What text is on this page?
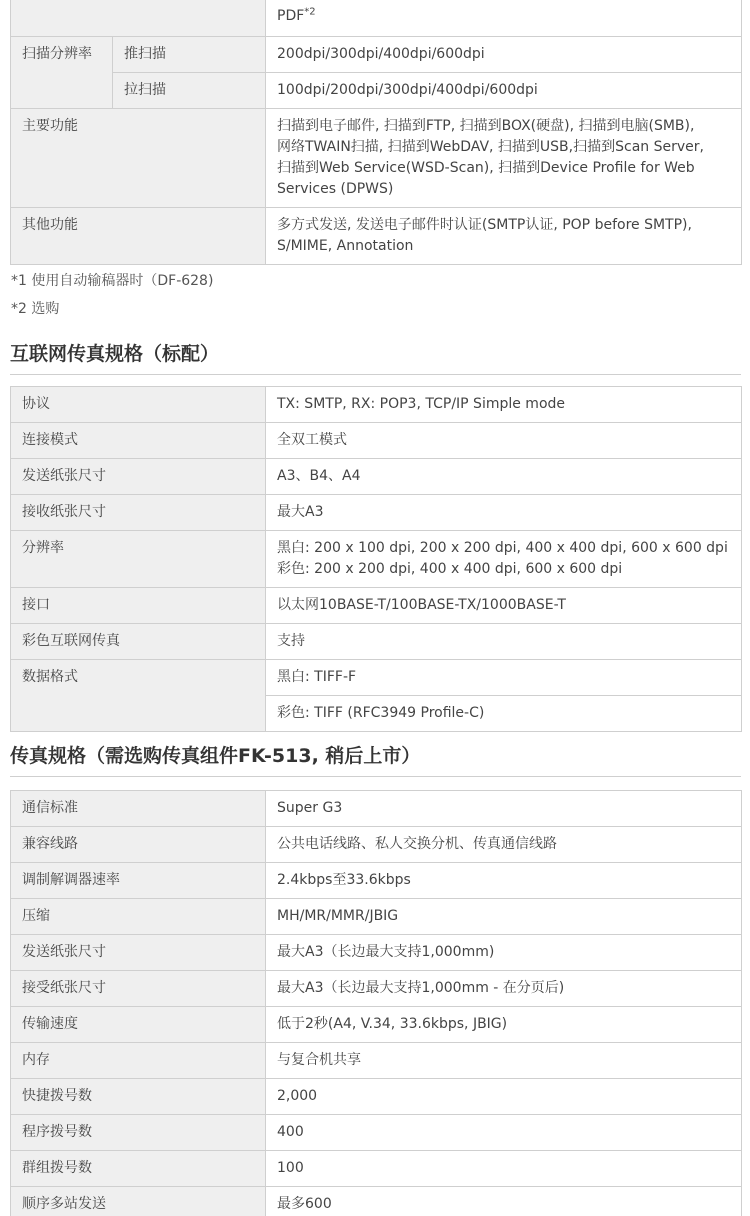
		PDF$^{*2}$
扫描分辨率	推扫描	200dpi/300dpi/400dpi/600dpi
	拉扫描	100dpi/200dpi/300dpi/400dpi/600dpi
主要功能		扫描到电子邮件, 扫描到FTP, 扫描到BOX(硬盘), 扫描到电脑(SMB),
网络TWAIN扫描, 扫描到WebDAV, 扫描到USB,扫描到Scan Server,
扫描到Web Service(WSD-Scan), 扫描到Device Profile for Web
Services (DPWS)
其他功能		多方式发送, 发送电子邮件时认证(SMTP认证, POP before SMTP),
S/MIME, Annotation
*1 使用自动输稿器时（DF-628)
*2 选购
互联网传真规格（标配）
协议	TX: SMTP, RX: POP3, TCP/IP Simple mode
连接模式	全双工模式
发送纸张尺寸	A3、B4、A4
接收纸张尺寸	最大A3
分辨率	黑白: 200 x 100 dpi, 200 x 200 dpi, 400 x 400 dpi, 600 x 600 dpi
彩色: 200 x 200 dpi, 400 x 400 dpi, 600 x 600 dpi
接口	以太网10BASE-T/100BASE-TX/1000BASE-T
彩色互联网传真	支持
数据格式	黑白: TIFF-F
	彩色: TIFF (RFC3949 Profile-C)
传真规格（需选购传真组件FK-513, 稍后上市）
通信标准	Super G3
兼容线路	公共电话线路、私人交换分机、传真通信线路
调制解调器速率	2.4kbps至33.6kbps
压缩	MH/MR/MMR/JBIG
发送纸张尺寸	最大A3（长边最大支持1,000mm)
接受纸张尺寸	最大A3（长边最大支持1,000mm - 在分页后)
传输速度	低于2秒(A4, V.34, 33.6kbps, JBIG)
内存	与复合机共享
快捷拨号数	2,000
程序拨号数	400
群组拨号数	100
顺序多站发送	最多600
